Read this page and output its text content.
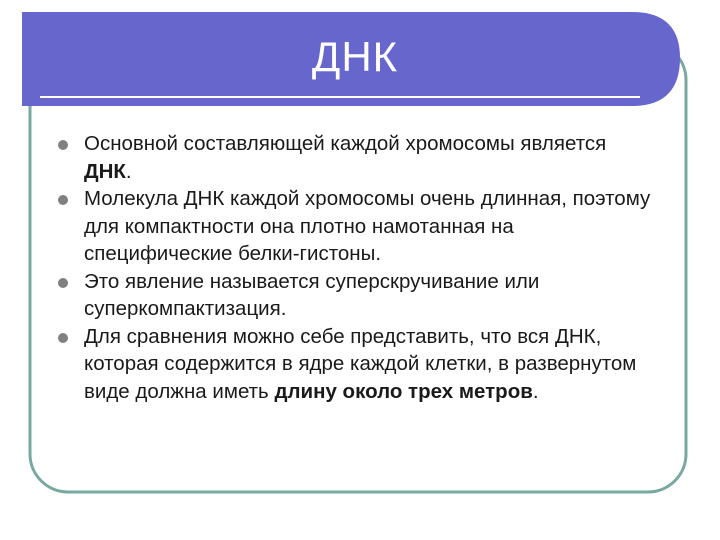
ДНК
Основной составляющей каждой хромосомы является ДНК.
Молекула ДНК каждой хромосомы очень длинная, поэтому для компактности она плотно намотанная на специфические белки-гистоны.
Это явление называется суперскручивание или суперкомпактизация.
Для сравнения можно себе представить, что вся ДНК, которая содержится в ядре каждой клетки, в развернутом виде должна иметь длину около трех метров.
